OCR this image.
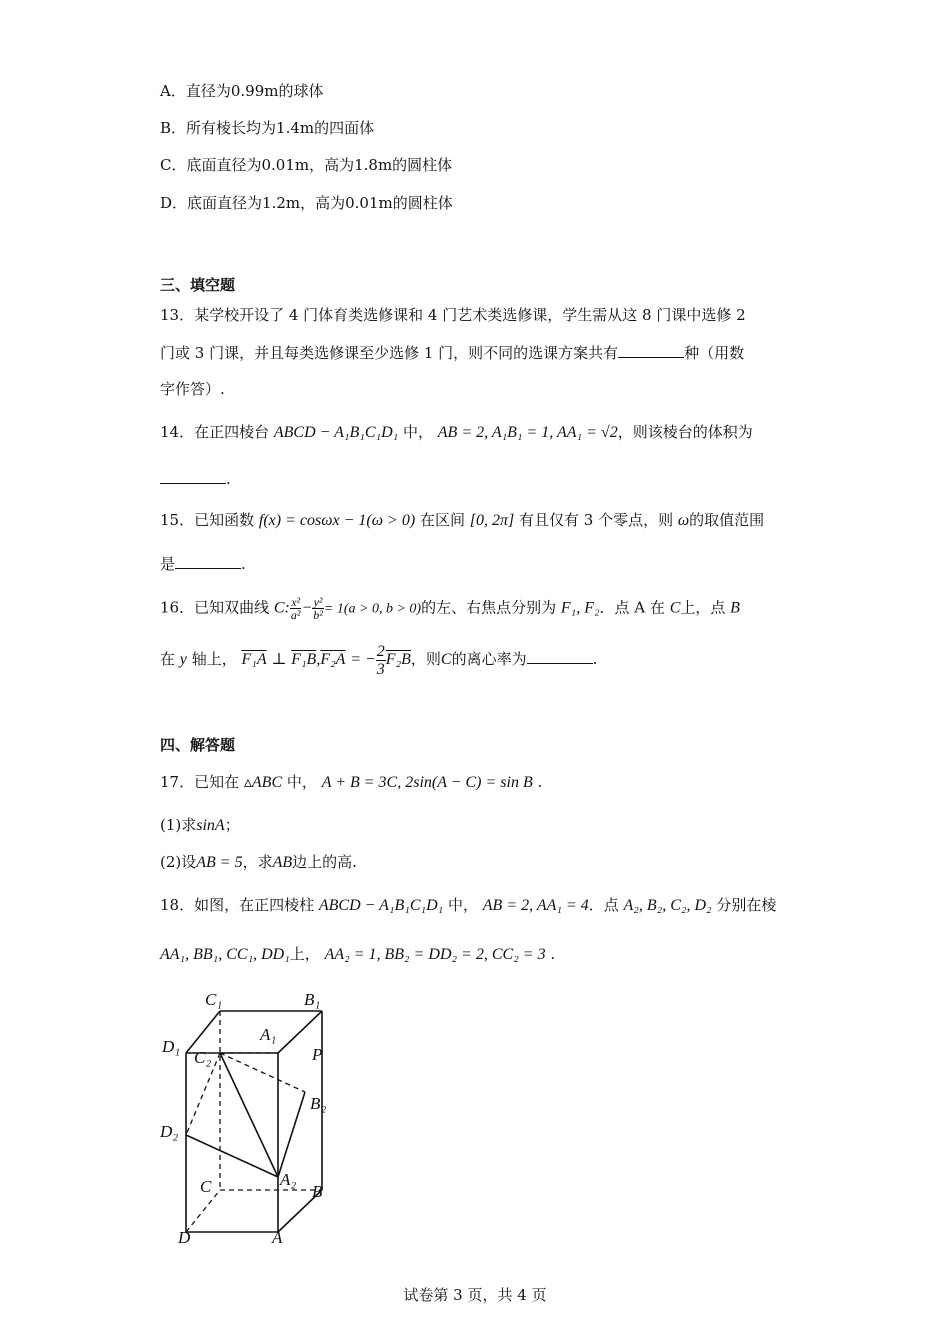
A．直径为0.99m的球体
B．所有棱长均为1.4m的四面体
C．底面直径为0.01m，高为1.8m的圆柱体
D．底面直径为1.2m，高为0.01m的圆柱体
三、填空题
13．某学校开设了 4 门体育类选修课和 4 门艺术类选修课，学生需从这 8 门课中选修 2
门或 3 门课，并且每类选修课至少选修 1 门，则不同的选课方案共有	种（用数
字作答）.
14．在正四棱台 ABCD − A₁B₁C₁D₁ 中， AB = 2, A₁B₁ = 1, AA₁ = √2，则该棱台的体积为
.
15．已知函数 f(x) = cosωx − 1(ω > 0) 在区间 [0, 2π] 有且仅有 3 个零点，则 ω的取值范围
是	.
16．已知双曲线 C: $\frac{\text{x²}}{\text{a²}} - \frac{\text{y²}}{\text{b²}} = 1(a > 0$, b > 0)的左、右焦点分别为 F₁, F₂．点 A 在 C上，点 B
在 y 轴上， F₁A ⊥ F₁B,F₂A = − $\frac{2}{3} F_2B$，则C的离心率为	.
四、解答题
17．已知在 ▵ABC 中， A + B = 3C, 2sin(A − C) = sin B .
(1)求sinA；
(2)设AB = 5，求AB边上的高.
18．如图，在正四棱柱 ABCD − A₁B₁C₁D₁ 中， AB = 2, AA₁ = 4．点 A₂, B₂, C₂, D₂ 分别在棱
AA₁, BB₁, CC₁, DD₁上， AA₂ = 1, BB₂ = DD₂ = 2, CC₂ = 3 .
C₁	B₁
A₁
D₁
C₂	P
B₂
D₂
C	A₂
B
D	A
试卷第 3 页，共 4 页
